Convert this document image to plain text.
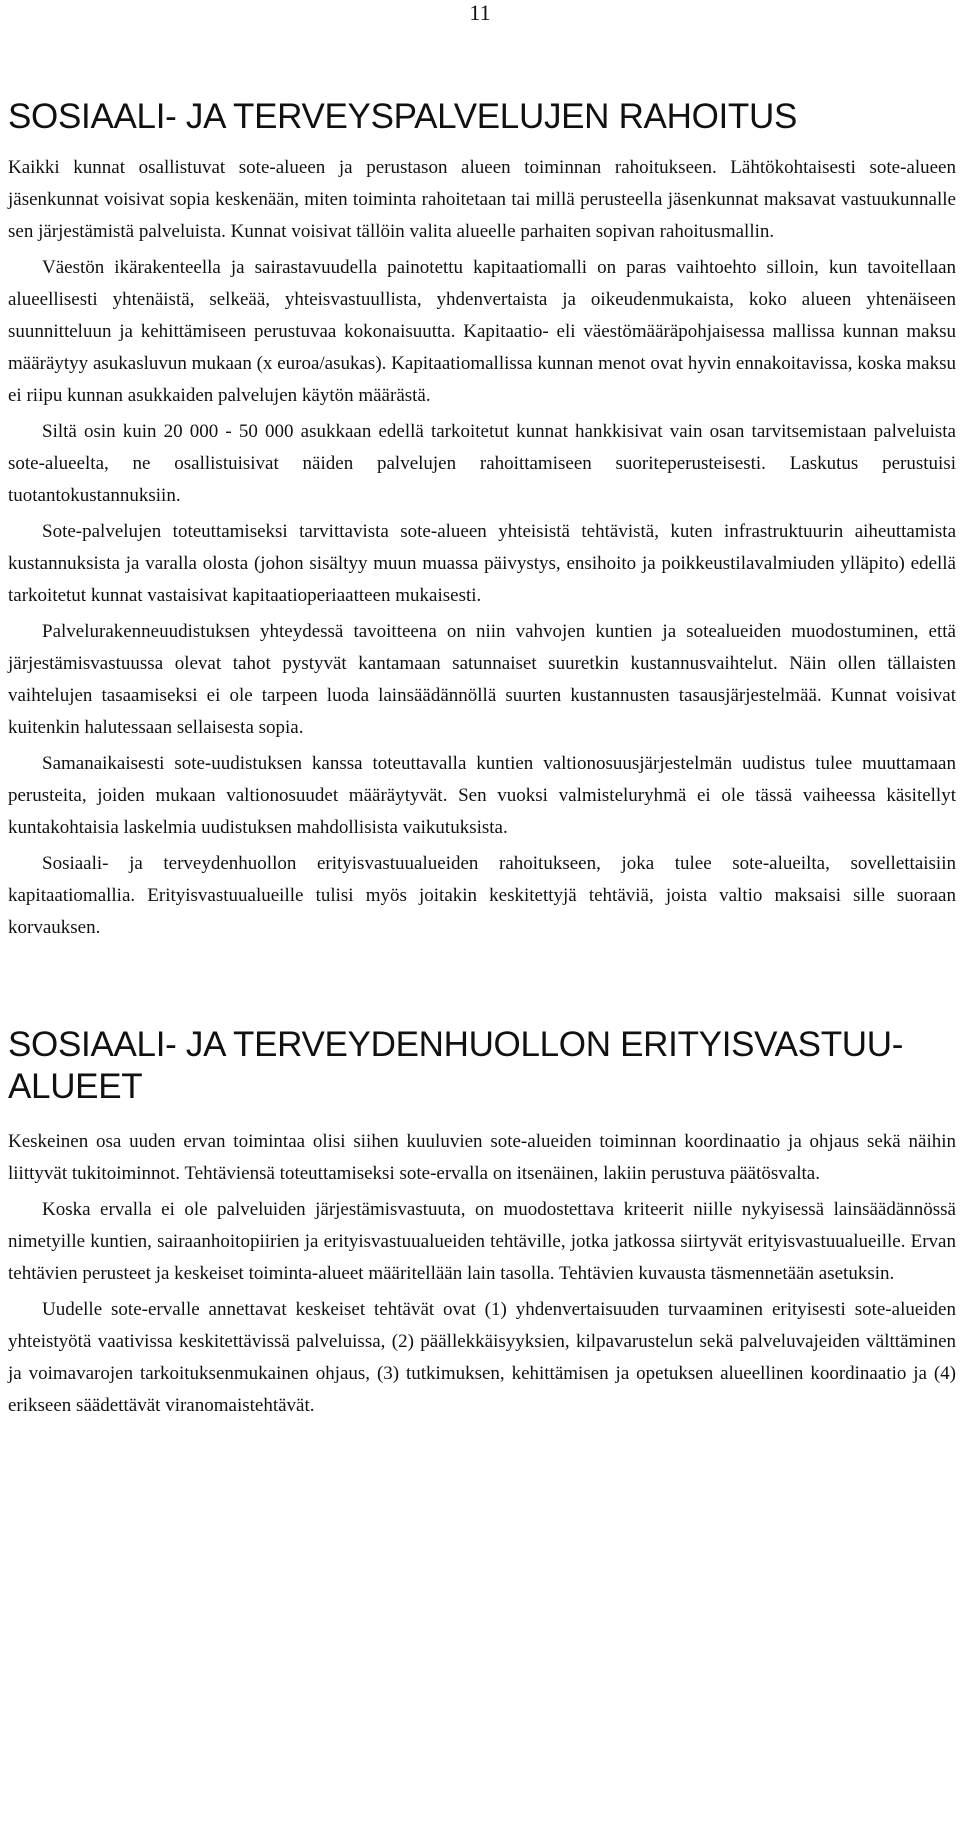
11
SOSIAALI- JA TERVEYSPALVELUJEN RAHOITUS

Kaikki kunnat osallistuvat sote-alueen ja perustason alueen toiminnan rahoitukseen. Lähtökohtaisesti sote-alueen jäsenkunnat voisivat sopia keskenään, miten toiminta rahoitetaan tai millä perusteella jäsenkunnat maksavat vastuukunnalle sen järjestämistä palveluista. Kunnat voisivat tällöin valita alueelle parhaiten sopivan rahoitusmallin.

Väestön ikärakenteella ja sairastavuudella painotettu kapitaatiomalli on paras vaihtoehto silloin, kun tavoitellaan alueellisesti yhtenäistä, selkeää, yhteisvastuullista, yhdenvertaista ja oikeudenmukaista, koko alueen yhtenäiseen suunnitteluun ja kehittämiseen perustuvaa kokonaisuutta. Kapitaatio- eli väestömääräpohjaisessa mallissa kunnan maksu määräytyy asukasluvun mukaan (x euroa/asukas). Kapitaatiomallissa kunnan menot ovat hyvin ennakoitavissa, koska maksu ei riipu kunnan asukkaiden palvelujen käytön määrästä.

Siltä osin kuin 20 000 - 50 000 asukkaan edellä tarkoitetut kunnat hankkisivat vain osan tarvitsemistaan palveluista sote-alueelta, ne osallistuisivat näiden palvelujen rahoittamiseen suoriteperusteisesti. Laskutus perustuisi tuotantokustannuksiin.

Sote-palvelujen toteuttamiseksi tarvittavista sote-alueen yhteisistä tehtävistä, kuten infrastruktuurin aiheuttamista kustannuksista ja varalla olosta (johon sisältyy muun muassa päivystys, ensihoito ja poikkeustilavalmiuden ylläpito) edellä tarkoitetut kunnat vastaisivat kapitaatioperiaatteen mukaisesti.

Palvelurakenneuudistuksen yhteydessä tavoitteena on niin vahvojen kuntien ja sotealueiden muodostuminen, että järjestämisvastuussa olevat tahot pystyvät kantamaan satunnaiset suuretkin kustannusvaihtelut. Näin ollen tällaisten vaihtelujen tasaamiseksi ei ole tarpeen luoda lainsäädännöllä suurten kustannusten tasausjärjestelmää. Kunnat voisivat kuitenkin halutessaan sellaisesta sopia.

Samanaikaisesti sote-uudistuksen kanssa toteuttavalla kuntien valtionosuusjärjestelmän uudistus tulee muuttamaan perusteita, joiden mukaan valtionosuudet määräytyvät. Sen vuoksi valmisteluryhmä ei ole tässä vaiheessa käsitellyt kuntakohtaisia laskelmia uudistuksen mahdollisista vaikutuksista.

Sosiaali- ja terveydenhuollon erityisvastuualueiden rahoitukseen, joka tulee sote-alueilta, sovellettaisiin kapitaatiomallia. Erityisvastuualueille tulisi myös joitakin keskitettyjä tehtäviä, joista valtio maksaisi sille suoraan korvauksen.

SOSIAALI- JA TERVEYDENHUOLLON ERITYISVASTUUALUEET

Keskeinen osa uuden ervan toimintaa olisi siihen kuuluvien sote-alueiden toiminnan koordinaatio ja ohjaus sekä näihin liittyvät tukitoiminnot. Tehtäviensä toteuttamiseksi sote-ervalla on itsenäinen, lakiin perustuva päätösvalta.

Koska ervalla ei ole palveluiden järjestämisvastuuta, on muodostettava kriteerit niille nykyisessä lainsäädännössä nimetyille kuntien, sairaanhoitopiirien ja erityisvastuualueiden tehtäville, jotka jatkossa siirtyvät erityisvastuualueille. Ervan tehtävien perusteet ja keskeiset toiminta-alueet määritellään lain tasolla. Tehtävien kuvausta täsmennetään asetuksin.

Uudelle sote-ervalle annettavat keskeiset tehtävät ovat (1) yhdenvertaisuuden turvaaminen erityisesti sote-alueiden yhteistyötä vaativissa keskitettävissä palveluissa, (2) päällekkäisyyksien, kilpavarustelun sekä palveluvajeiden välttäminen ja voimavarojen tarkoituksenmukainen ohjaus, (3) tutkimuksen, kehittämisen ja opetuksen alueellinen koordinaatio ja (4) erikseen säädettävät viranomaistehtävät.
